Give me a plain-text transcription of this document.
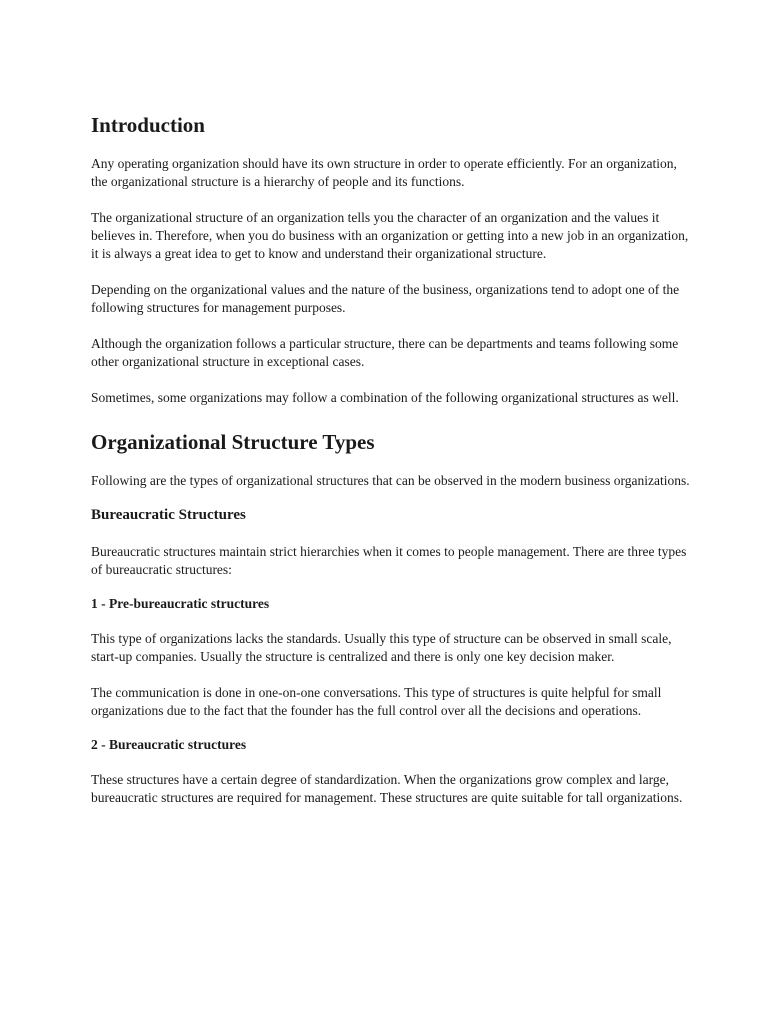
Introduction

Any operating organization should have its own structure in order to operate efficiently. For an organization, the organizational structure is a hierarchy of people and its functions.

The organizational structure of an organization tells you the character of an organization and the values it believes in. Therefore, when you do business with an organization or getting into a new job in an organization, it is always a great idea to get to know and understand their organizational structure.

Depending on the organizational values and the nature of the business, organizations tend to adopt one of the following structures for management purposes.

Although the organization follows a particular structure, there can be departments and teams following some other organizational structure in exceptional cases.

Sometimes, some organizations may follow a combination of the following organizational structures as well.

Organizational Structure Types

Following are the types of organizational structures that can be observed in the modern business organizations.

Bureaucratic Structures

Bureaucratic structures maintain strict hierarchies when it comes to people management. There are three types of bureaucratic structures:

1 - Pre-bureaucratic structures

This type of organizations lacks the standards. Usually this type of structure can be observed in small scale, start-up companies. Usually the structure is centralized and there is only one key decision maker.

The communication is done in one-on-one conversations. This type of structures is quite helpful for small organizations due to the fact that the founder has the full control over all the decisions and operations.

2 - Bureaucratic structures

These structures have a certain degree of standardization. When the organizations grow complex and large, bureaucratic structures are required for management. These structures are quite suitable for tall organizations.
